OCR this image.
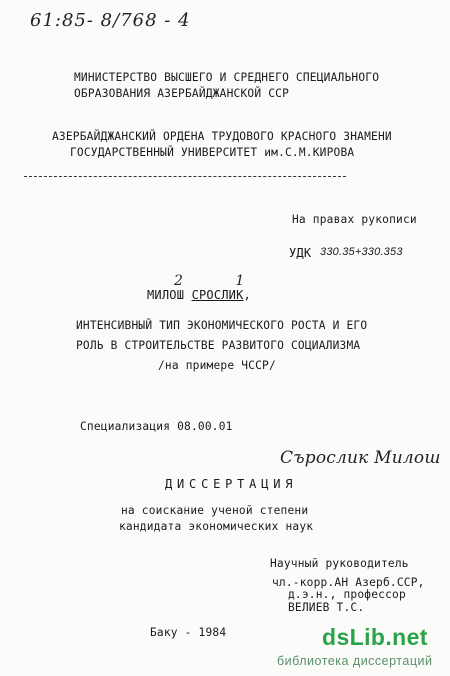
61:85- 8/768 - 4
МИНИСТЕРСТВО ВЫСШЕГО И СРЕДНЕГО СПЕЦИАЛЬНОГО
ОБРАЗОВАНИЯ АЗЕРБАЙДЖАНСКОЙ ССР
АЗЕРБАЙДЖАНСКИЙ ОРДЕНА ТРУДОВОГО КРАСНОГО ЗНАМЕНИ
ГОСУДАРСТВЕННЫЙ УНИВЕРСИТЕТ им.С.М.КИРОВА
На правах рукописи
УДК 330.35+330.353
2 1
МИЛОШ СРОСЛИК,
ИНТЕНСИВНЫЙ ТИП ЭКОНОМИЧЕСКОГО РОСТА И ЕГО
РОЛЬ В СТРОИТЕЛЬСТВЕ РАЗВИТОГО СОЦИАЛИЗМА
/на примере ЧССР/
Специализация 08.00.01
Сърослик Милош
ДИССЕРТАЦИЯ
на соискание ученой степени
кандидата экономических наук
Научный руководитель
чл.-корр.АН Азерб.ССР,
д.э.н., профессор
ВЕЛИЕВ Т.С.
Баку - 1984	dsLib.net
библиотека диссертаций
